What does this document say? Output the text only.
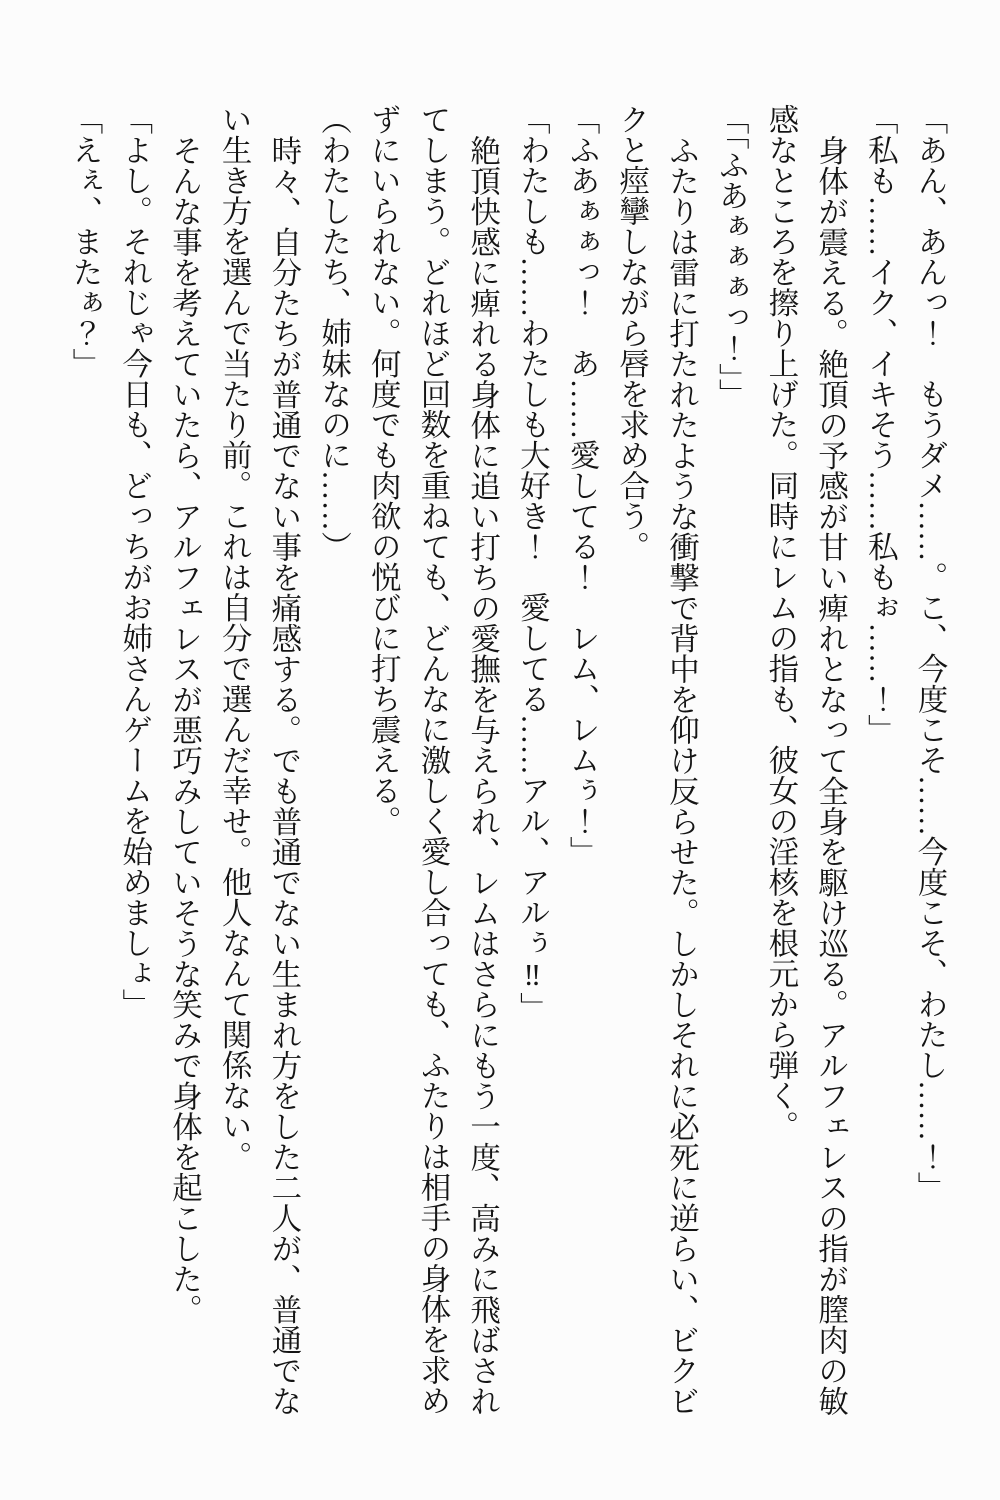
「あん、あんっ！　もうダメ……。こ、今度こそ……今度こそ、わたし……！」

「私も……イク、イキそう……私もぉ……！」

身体が震える。絶頂の予感が甘い痺れとなって全身を駆け巡る。アルフェレスの指が膣肉の敏感なところを擦り上げた。同時にレムの指も、彼女の淫核を根元から弾く。

「「ふあぁぁぁっ！」」

ふたりは雷に打たれたような衝撃で背中を仰け反らせた。しかしそれに必死に逆らい、ビクビクと痙攣しながら唇を求め合う。

「ふあぁぁっ！　あ……愛してる！　レム、レムぅ！」

「わたしも……わたしも大好き！　愛してる……アル、アルぅ‼」

絶頂快感に痺れる身体に追い打ちの愛撫を与えられ、レムはさらにもう一度、高みに飛ばされてしまう。どれほど回数を重ねても、どんなに激しく愛し合っても、ふたりは相手の身体を求めずにいられない。何度でも肉欲の悦びに打ち震える。

（わたしたち、姉妹なのに……）

時々、自分たちが普通でない事を痛感する。でも普通でない生まれ方をした二人が、普通でない生き方を選んで当たり前。これは自分で選んだ幸せ。他人なんて関係ない。

そんな事を考えていたら、アルフェレスが悪巧みしていそうな笑みで身体を起こした。

「よし。それじゃ今日も、どっちがお姉さんゲームを始めましょ」

「えぇ、またぁ？」
